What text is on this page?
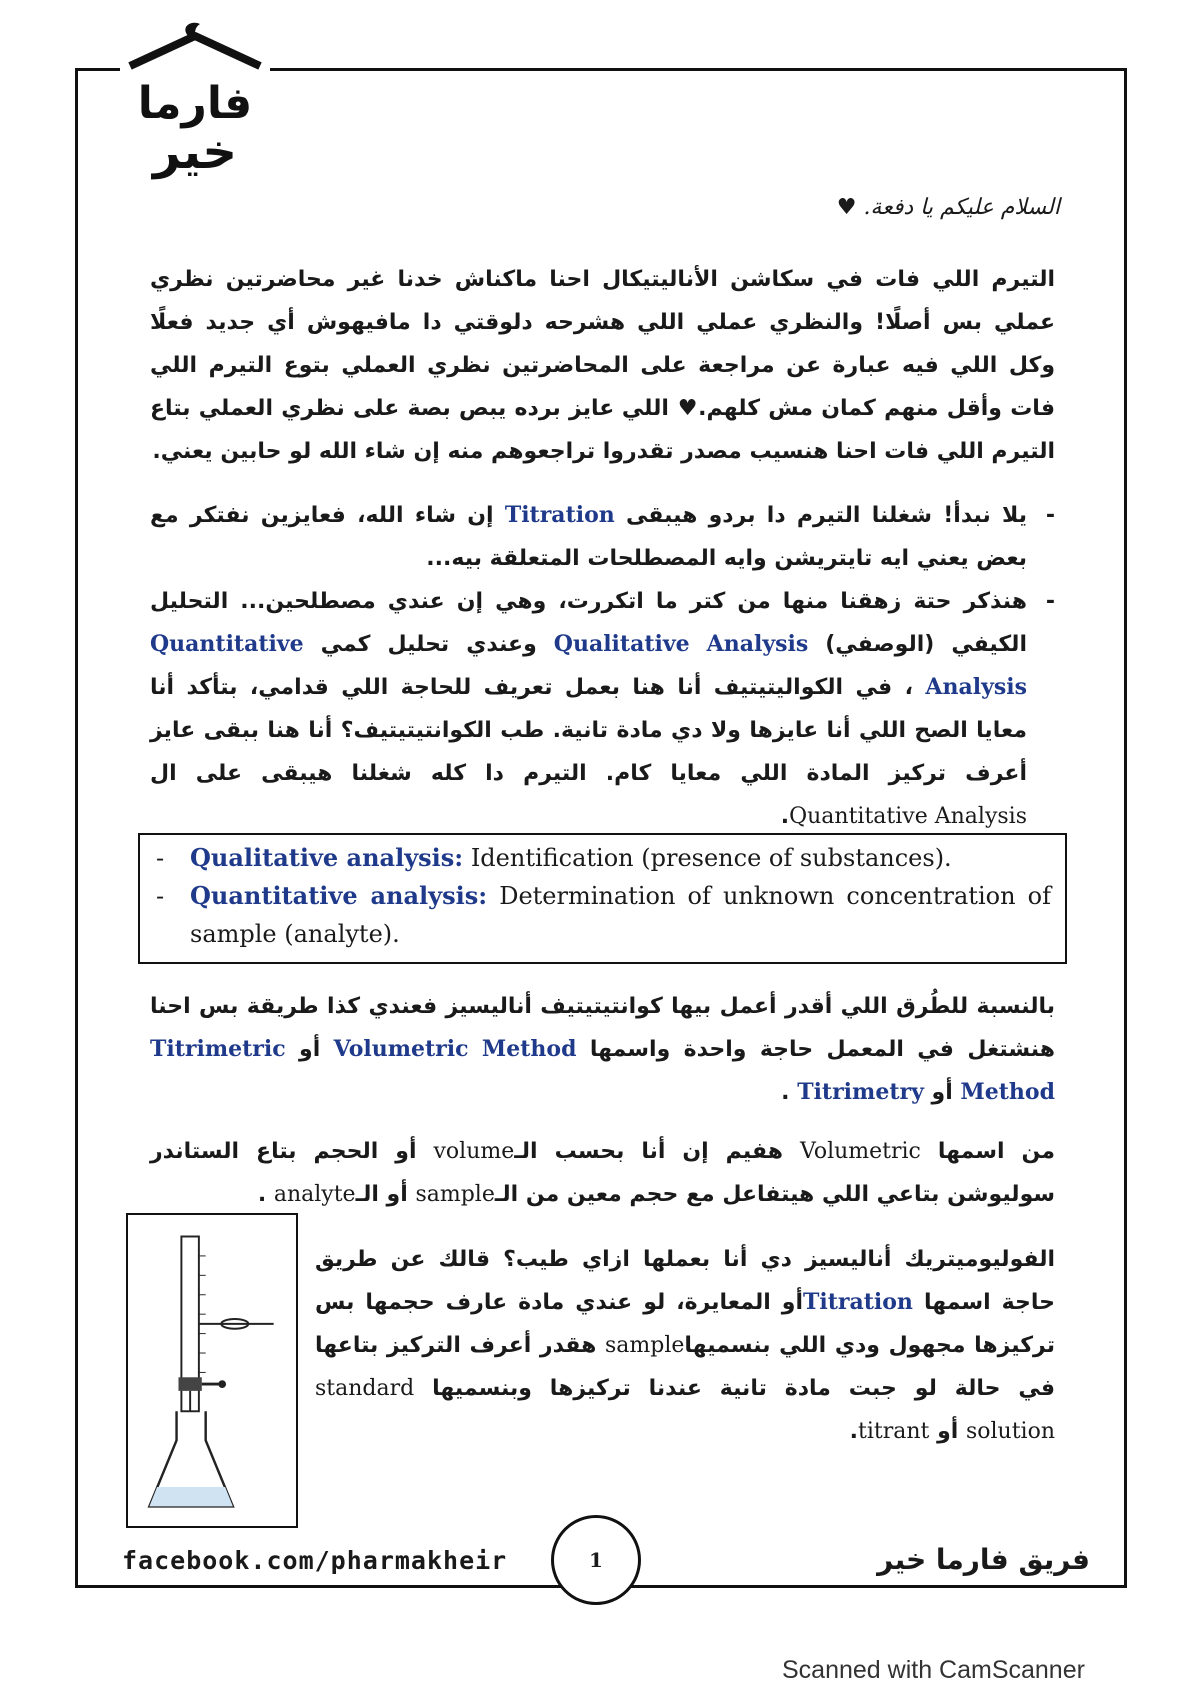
فارما
خير
السلام عليكم يا دفعة. ♥
التيرم اللي فات في سكاشن الأناليتيكال احنا ماكناش خدنا غير محاضرتين نظري عملي بس أصلًا! والنظري عملي اللي هشرحه دلوقتي دا مافيهوش أي جديد فعلًا وكل اللي فيه عبارة عن مراجعة على المحاضرتين نظري العملي بتوع التيرم اللي فات وأقل منهم كمان مش كلهم.♥ اللي عايز برده يبص بصة على نظري العملي بتاع التيرم اللي فات احنا هنسيب مصدر تقدروا تراجعوهم منه إن شاء الله لو حابين يعني.
- يلا نبدأ! شغلنا التيرم دا بردو هيبقى Titration إن شاء الله، فعايزين نفتكر مع بعض يعني ايه تايتريشن وايه المصطلحات المتعلقة بيه...
- هنذكر حتة زهقنا منها من كتر ما اتكررت، وهي إن عندي مصطلحين... التحليل الكيفي (الوصفي) Qualitative Analysis وعندي تحليل كمي Quantitative Analysis ، في الكواليتيتيف أنا هنا بعمل تعريف للحاجة اللي قدامي، بتأكد أنا معايا الصح اللي أنا عايزها ولا دي مادة تانية. طب الكوانتيتيتيف؟ أنا هنا ببقى عايز أعرف تركيز المادة اللي معايا كام. التيرم دا كله شغلنا هيبقى على ال Quantitative Analysis.
- Qualitative analysis: Identification (presence of substances).
- Quantitative analysis: Determination of unknown concentration of sample (analyte).
بالنسبة للطُرق اللي أقدر أعمل بيها كوانتيتيتيف أناليسيز فعندي كذا طريقة بس احنا هنشتغل في المعمل حاجة واحدة واسمها Volumetric Method أو Titrimetric Method أو Titrimetry .
من اسمها Volumetric هفيم إن أنا بحسب الـvolume أو الحجم بتاع الستاندر سوليوشن بتاعي اللي هيتفاعل مع حجم معين من الـsample أو الـanalyte .
الفوليوميتريك أناليسيز دي أنا بعملها ازاي طيب؟ قالك عن طريق حاجة اسمها Titrationأو المعايرة، لو عندي مادة عارف حجمها بس تركيزها مجهول ودي اللي بنسميهاsample هقدر أعرف التركيز بتاعها في حالة لو جبت مادة تانية عندنا تركيزها وبنسميها standard solution أو titrant.
facebook.com/pharmakheir	1	فريق فارما خير
Scanned with CamScanner
